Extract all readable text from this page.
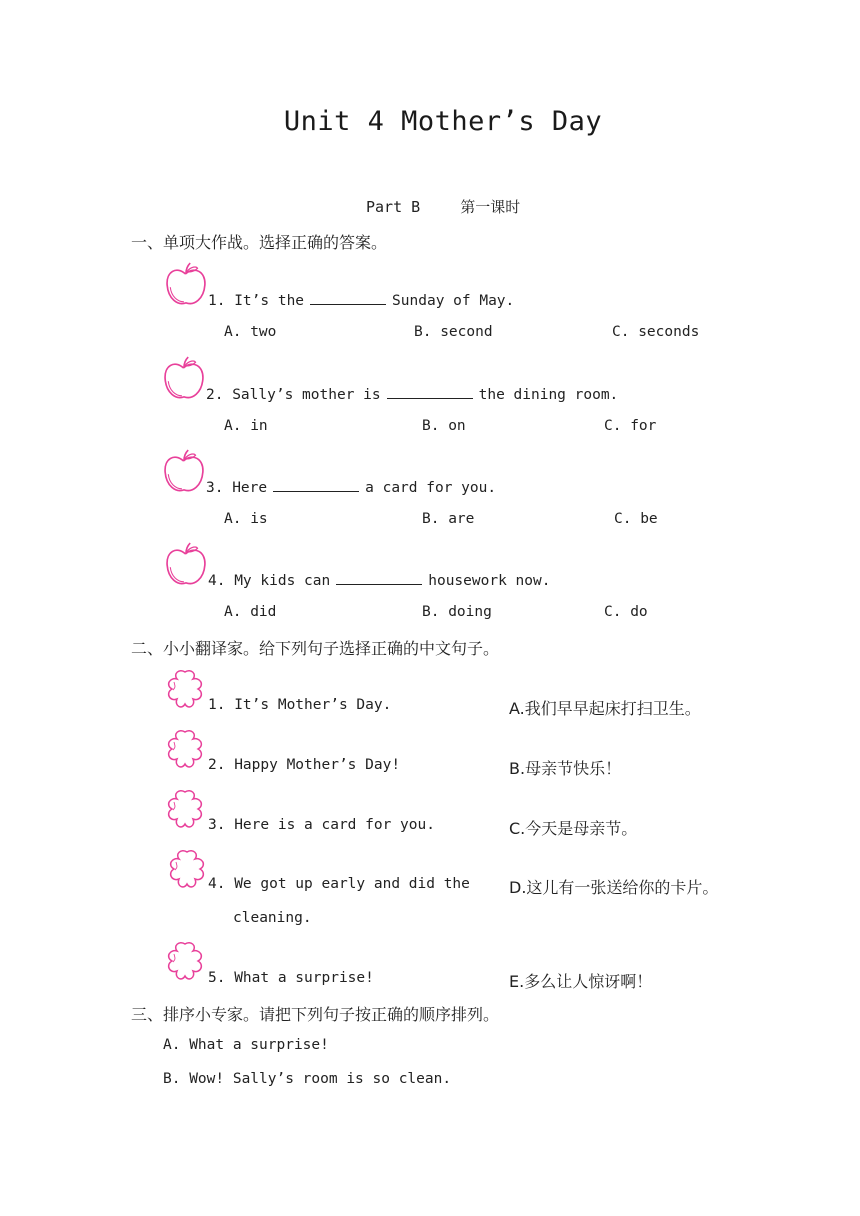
Unit 4 Mother’s Day
Part B	第一课时
一、单项大作战。选择正确的答案。
1. It’s the	Sunday of May.
A. two	B. second	C. seconds
2. Sally’s mother is	the dining room.
A. in	B. on	C. for
3. Here	a card for you.
A. is	B. are	C. be
4. My kids can	housework now.
A. did	B. doing	C. do
二、小小翻译家。给下列句子选择正确的中文句子。
1. It’s Mother’s Day.	A.我们早早起床打扫卫生。
2. Happy Mother’s Day!	B.母亲节快乐！
3. Here is a card for you.	C.今天是母亲节。
4. We got up early and did the
cleaning.
D.这儿有一张送给你的卡片。
5. What a surprise!	E.多么让人惊讶啊！
三、排序小专家。请把下列句子按正确的顺序排列。
A. What a surprise!
B. Wow! Sally’s room is so clean.
